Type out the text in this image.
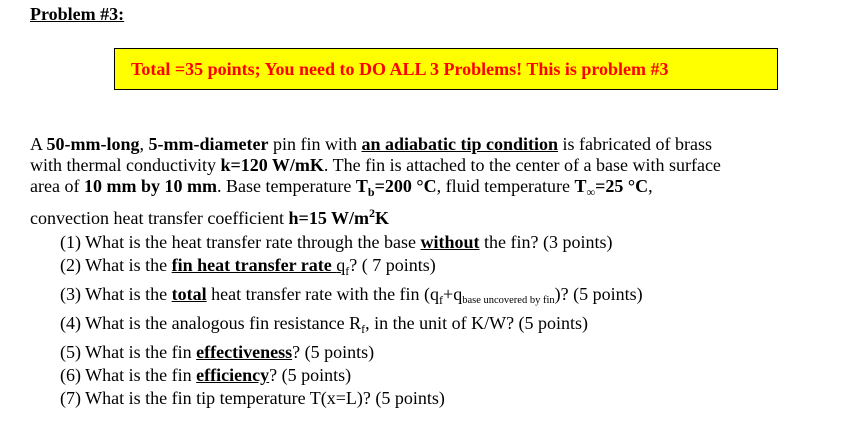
Problem #3:
Total =35 points; You need to DO ALL 3 Problems! This is problem #3
A 50-mm-long, 5-mm-diameter pin fin with an adiabatic tip condition is fabricated of brass
with thermal conductivity k=120 W/mK. The fin is attached to the center of a base with surface
area of 10 mm by 10 mm. Base temperature $T_b=200$ °C, fluid temperature $T_\infty=25$ °C,
convection heat transfer coefficient h=15 $W/m^2K$
(1) What is the heat transfer rate through the base without the fin? (3 points)
(2) What is the fin heat transfer rate $q_f$? ( 7 points)
(3) What is the total heat transfer rate with the fin ($q_f+qbase$ uncovered by fin)? (5 points)
(4) What is the analogous fin resistance $R_f$, in the unit of K/W? (5 points)
(5) What is the fin effectiveness? (5 points)
(6) What is the fin efficiency? (5 points)
(7) What is the fin tip temperature T(x=L)? (5 points)
